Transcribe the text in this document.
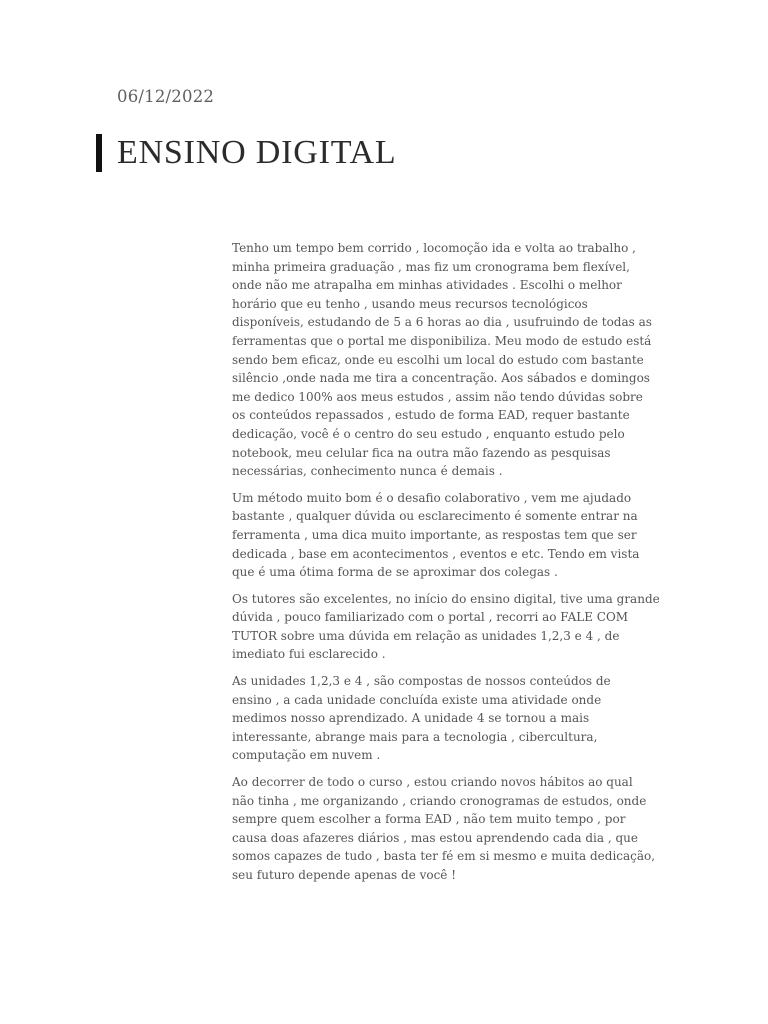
06/12/2022
ENSINO DIGITAL

Tenho um tempo bem corrido , locomoção ida e volta ao trabalho ,
minha primeira graduação , mas fiz um cronograma bem flexível,
onde não me atrapalha em minhas atividades . Escolhi o melhor
horário que eu tenho , usando meus recursos tecnológicos
disponíveis, estudando de 5 a 6 horas ao dia , usufruindo de todas as
ferramentas que o portal me disponibiliza. Meu modo de estudo está
sendo bem eficaz, onde eu escolhi um local do estudo com bastante
silêncio ,onde nada me tira a concentração. Aos sábados e domingos
me dedico 100% aos meus estudos , assim não tendo dúvidas sobre
os conteúdos repassados , estudo de forma EAD, requer bastante
dedicação, você é o centro do seu estudo , enquanto estudo pelo
notebook, meu celular fica na outra mão fazendo as pesquisas
necessárias, conhecimento nunca é demais .

Um método muito bom é o desafio colaborativo , vem me ajudado
bastante , qualquer dúvida ou esclarecimento é somente entrar na
ferramenta , uma dica muito importante, as respostas tem que ser
dedicada , base em acontecimentos , eventos e etc. Tendo em vista
que é uma ótima forma de se aproximar dos colegas .

Os tutores são excelentes, no início do ensino digital, tive uma grande
dúvida , pouco familiarizado com o portal , recorri ao FALE COM
TUTOR sobre uma dúvida em relação as unidades 1,2,3 e 4 , de
imediato fui esclarecido .

As unidades 1,2,3 e 4 , são compostas de nossos conteúdos de
ensino , a cada unidade concluída existe uma atividade onde
medimos nosso aprendizado. A unidade 4 se tornou a mais
interessante, abrange mais para a tecnologia , cibercultura,
computação em nuvem .

Ao decorrer de todo o curso , estou criando novos hábitos ao qual
não tinha , me organizando , criando cronogramas de estudos, onde
sempre quem escolher a forma EAD , não tem muito tempo , por
causa doas afazeres diários , mas estou aprendendo cada dia , que
somos capazes de tudo , basta ter fé em si mesmo e muita dedicação,
seu futuro depende apenas de você !
